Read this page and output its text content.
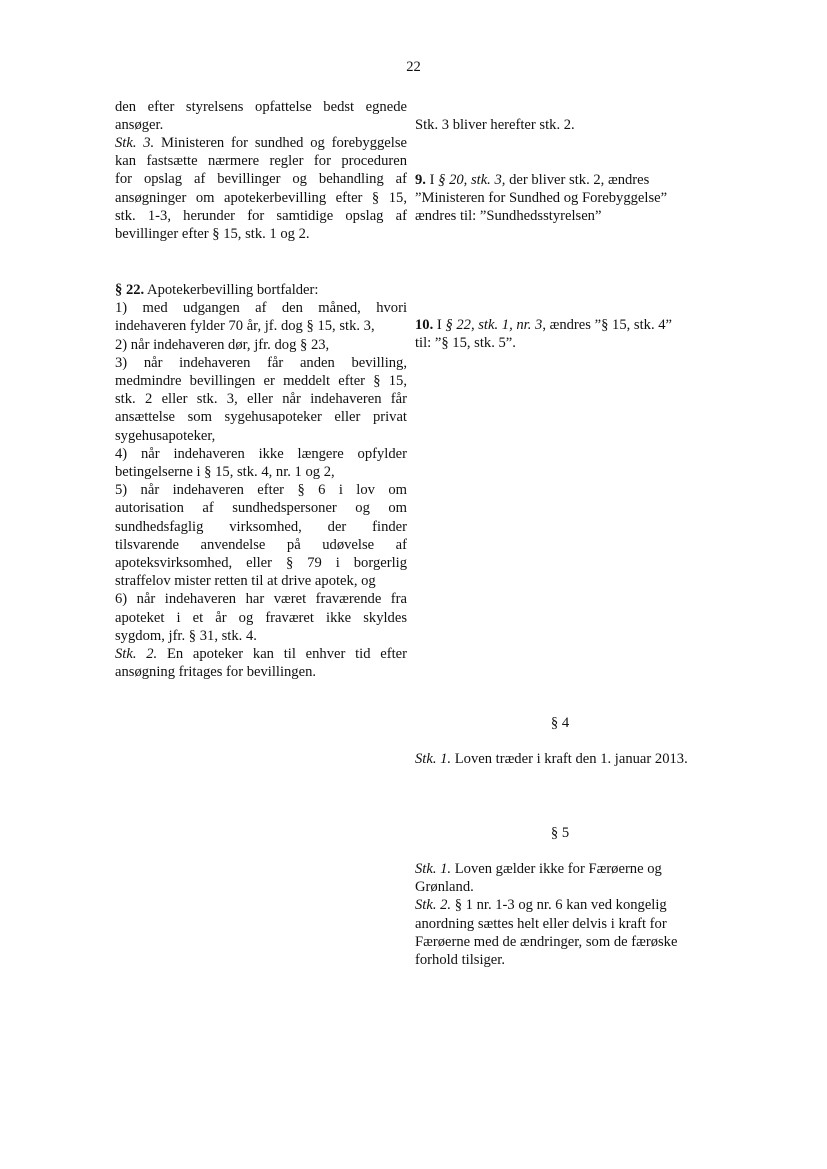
22
den efter styrelsens opfattelse bedst egnede
ansøger.
Stk. 3. Ministeren for sundhed og forebyggelse
kan fastsætte nærmere regler for proceduren
for opslag af bevillinger og behandling af
ansøgninger om apotekerbevilling efter § 15,
stk. 1-3, herunder for samtidige opslag af
bevillinger efter § 15, stk. 1 og 2.
§ 22. Apotekerbevilling bortfalder:
1) med udgangen af den måned, hvori
indehaveren fylder 70 år, jf. dog § 15, stk. 3,
2) når indehaveren dør, jfr. dog § 23,
3) når indehaveren får anden bevilling,
medmindre bevillingen er meddelt efter § 15,
stk. 2 eller stk. 3, eller når indehaveren får
ansættelse som sygehusapoteker eller privat
sygehusapoteker,
4) når indehaveren ikke længere opfylder
betingelserne i § 15, stk. 4, nr. 1 og 2,
5) når indehaveren efter § 6 i lov om
autorisation af sundhedspersoner og om
sundhedsfaglig virksomhed, der finder
tilsvarende anvendelse på udøvelse af
apoteksvirksomhed, eller § 79 i borgerlig
straffelov mister retten til at drive apotek, og
6) når indehaveren har været fraværende fra
apoteket i et år og fraværet ikke skyldes
sygdom, jfr. § 31, stk. 4.
Stk. 2. En apoteker kan til enhver tid efter
ansøgning fritages for bevillingen.
Stk. 3 bliver herefter stk. 2.
9. I § 20, stk. 3, der bliver stk. 2, ændres
”Ministeren for Sundhed og Forebyggelse”
ændres til: ”Sundhedsstyrelsen”
10. I § 22, stk. 1, nr. 3, ændres ”§ 15, stk. 4”
til: ”§ 15, stk. 5”.
§ 4
Stk. 1. Loven træder i kraft den 1. januar 2013.
§ 5
Stk. 1. Loven gælder ikke for Færøerne og
Grønland.
Stk. 2. § 1 nr. 1-3 og nr. 6 kan ved kongelig
anordning sættes helt eller delvis i kraft for
Færøerne med de ændringer, som de færøske
forhold tilsiger.
